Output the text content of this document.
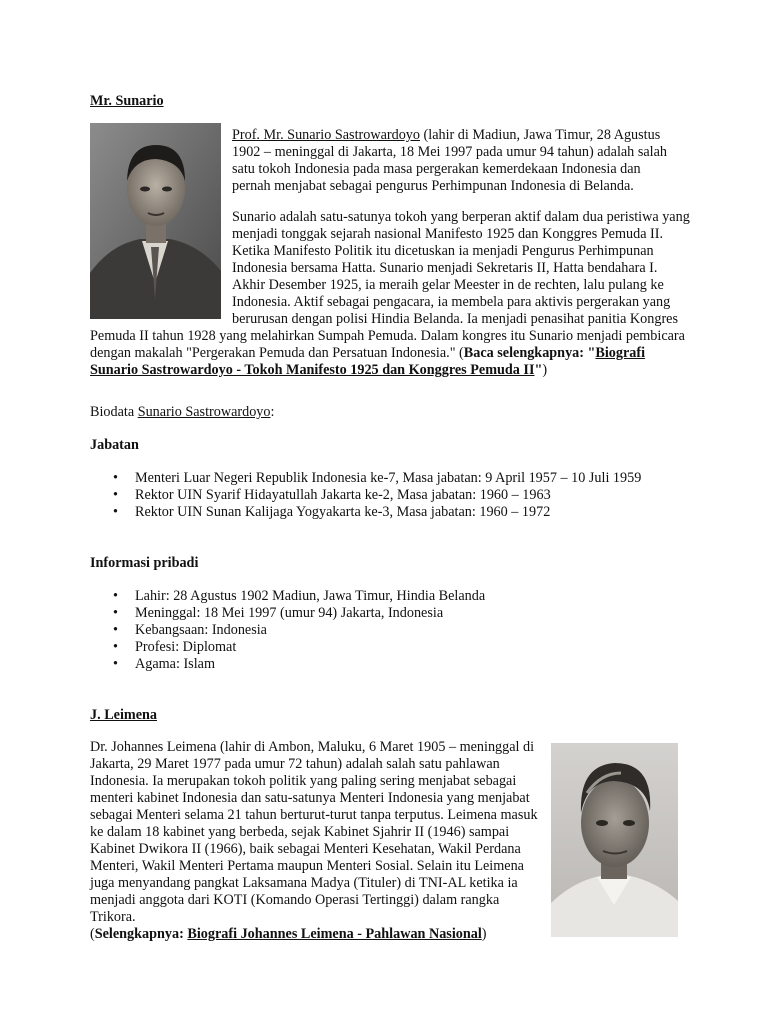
Mr. Sunario

Prof. Mr. Sunario Sastrowardoyo (lahir di Madiun, Jawa Timur, 28 Agustus 1902 – meninggal di Jakarta, 18 Mei 1997 pada umur 94 tahun) adalah salah satu tokoh Indonesia pada masa pergerakan kemerdekaan Indonesia dan pernah menjabat sebagai pengurus Perhimpunan Indonesia di Belanda.

Sunario adalah satu-satunya tokoh yang berperan aktif dalam dua peristiwa yang
menjadi tonggak sejarah nasional Manifesto 1925 dan Konggres Pemuda II.
Ketika Manifesto Politik itu dicetuskan ia menjadi Pengurus Perhimpunan
Indonesia bersama Hatta. Sunario menjadi Sekretaris II, Hatta bendahara I.
Akhir Desember 1925, ia meraih gelar Meester in de rechten, lalu pulang ke
Indonesia. Aktif sebagai pengacara, ia membela para aktivis pergerakan yang
berurusan dengan polisi Hindia Belanda. Ia menjadi penasihat panitia Kongres
Pemuda II tahun 1928 yang melahirkan Sumpah Pemuda. Dalam kongres itu Sunario menjadi pembicara
dengan makalah "Pergerakan Pemuda dan Persatuan Indonesia." (Baca selengkapnya: "Biografi
Sunario Sastrowardoyo - Tokoh Manifesto 1925 dan Konggres Pemuda II")

Biodata Sunario Sastrowardoyo:

Jabatan
• Menteri Luar Negeri Republik Indonesia ke-7, Masa jabatan: 9 April 1957 – 10 Juli 1959
• Rektor UIN Syarif Hidayatullah Jakarta ke-2, Masa jabatan: 1960 – 1963
• Rektor UIN Sunan Kalijaga Yogyakarta ke-3, Masa jabatan: 1960 – 1972
Informasi pribadi
• Lahir: 28 Agustus 1902 Madiun, Jawa Timur, Hindia Belanda
• Meninggal: 18 Mei 1997 (umur 94) Jakarta, Indonesia
• Kebangsaan: Indonesia
• Profesi: Diplomat
• Agama: Islam
J. Leimena
Dr. Johannes Leimena (lahir di Ambon, Maluku, 6 Maret 1905 – meninggal di
Jakarta, 29 Maret 1977 pada umur 72 tahun) adalah salah satu pahlawan
Indonesia. Ia merupakan tokoh politik yang paling sering menjabat sebagai
menteri kabinet Indonesia dan satu-satunya Menteri Indonesia yang menjabat
sebagai Menteri selama 21 tahun berturut-turut tanpa terputus. Leimena masuk
ke dalam 18 kabinet yang berbeda, sejak Kabinet Sjahrir II (1946) sampai
Kabinet Dwikora II (1966), baik sebagai Menteri Kesehatan, Wakil Perdana
Menteri, Wakil Menteri Pertama maupun Menteri Sosial. Selain itu Leimena
juga menyandang pangkat Laksamana Madya (Tituler) di TNI-AL ketika ia
menjadi anggota dari KOTI (Komando Operasi Tertinggi) dalam rangka Trikora.
(Selengkapnya: Biografi Johannes Leimena - Pahlawan Nasional)
